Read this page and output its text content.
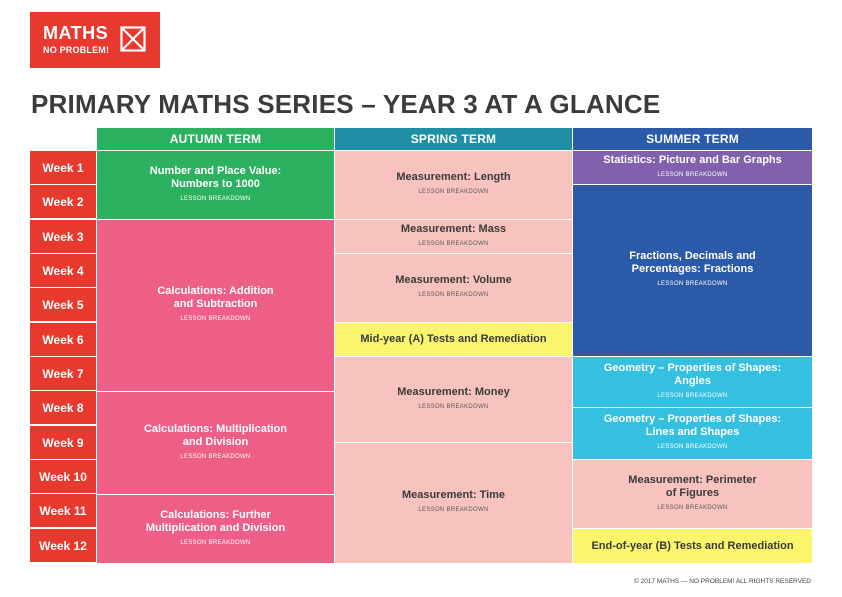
MATHS
NO PROBLEM!
PRIMARY MATHS SERIES – YEAR 3 AT A GLANCE
AUTUMN TERM	SPRING TERM	SUMMER TERM
Week 1
Week 2
Week 3
Week 4
Week 5
Week 6
Week 7
Week 8
Week 9
Week 10
Week 11
Week 12
Number and Place Value: Numbers to 1000
LESSON BREAKDOWN
Calculations: Addition and Subtraction
LESSON BREAKDOWN
Calculations: Multiplication and Division
LESSON BREAKDOWN
Calculations: Further Multiplication and Division
LESSON BREAKDOWN
Measurement: Length
LESSON BREAKDOWN
Measurement: Mass
LESSON BREAKDOWN
Measurement: Volume
LESSON BREAKDOWN
Mid-year (A) Tests and Remediation
Measurement: Money
LESSON BREAKDOWN
Measurement: Time
LESSON BREAKDOWN
Statistics: Picture and Bar Graphs
LESSON BREAKDOWN
Fractions, Decimals and Percentages: Fractions
LESSON BREAKDOWN
Geometry – Properties of Shapes: Angles
LESSON BREAKDOWN
Geometry – Properties of Shapes: Lines and Shapes
LESSON BREAKDOWN
Measurement: Perimeter of Figures
LESSON BREAKDOWN
End-of-year (B) Tests and Remediation
© 2017 MATHS — NO PROBLEM! ALL RIGHTS RESERVED
